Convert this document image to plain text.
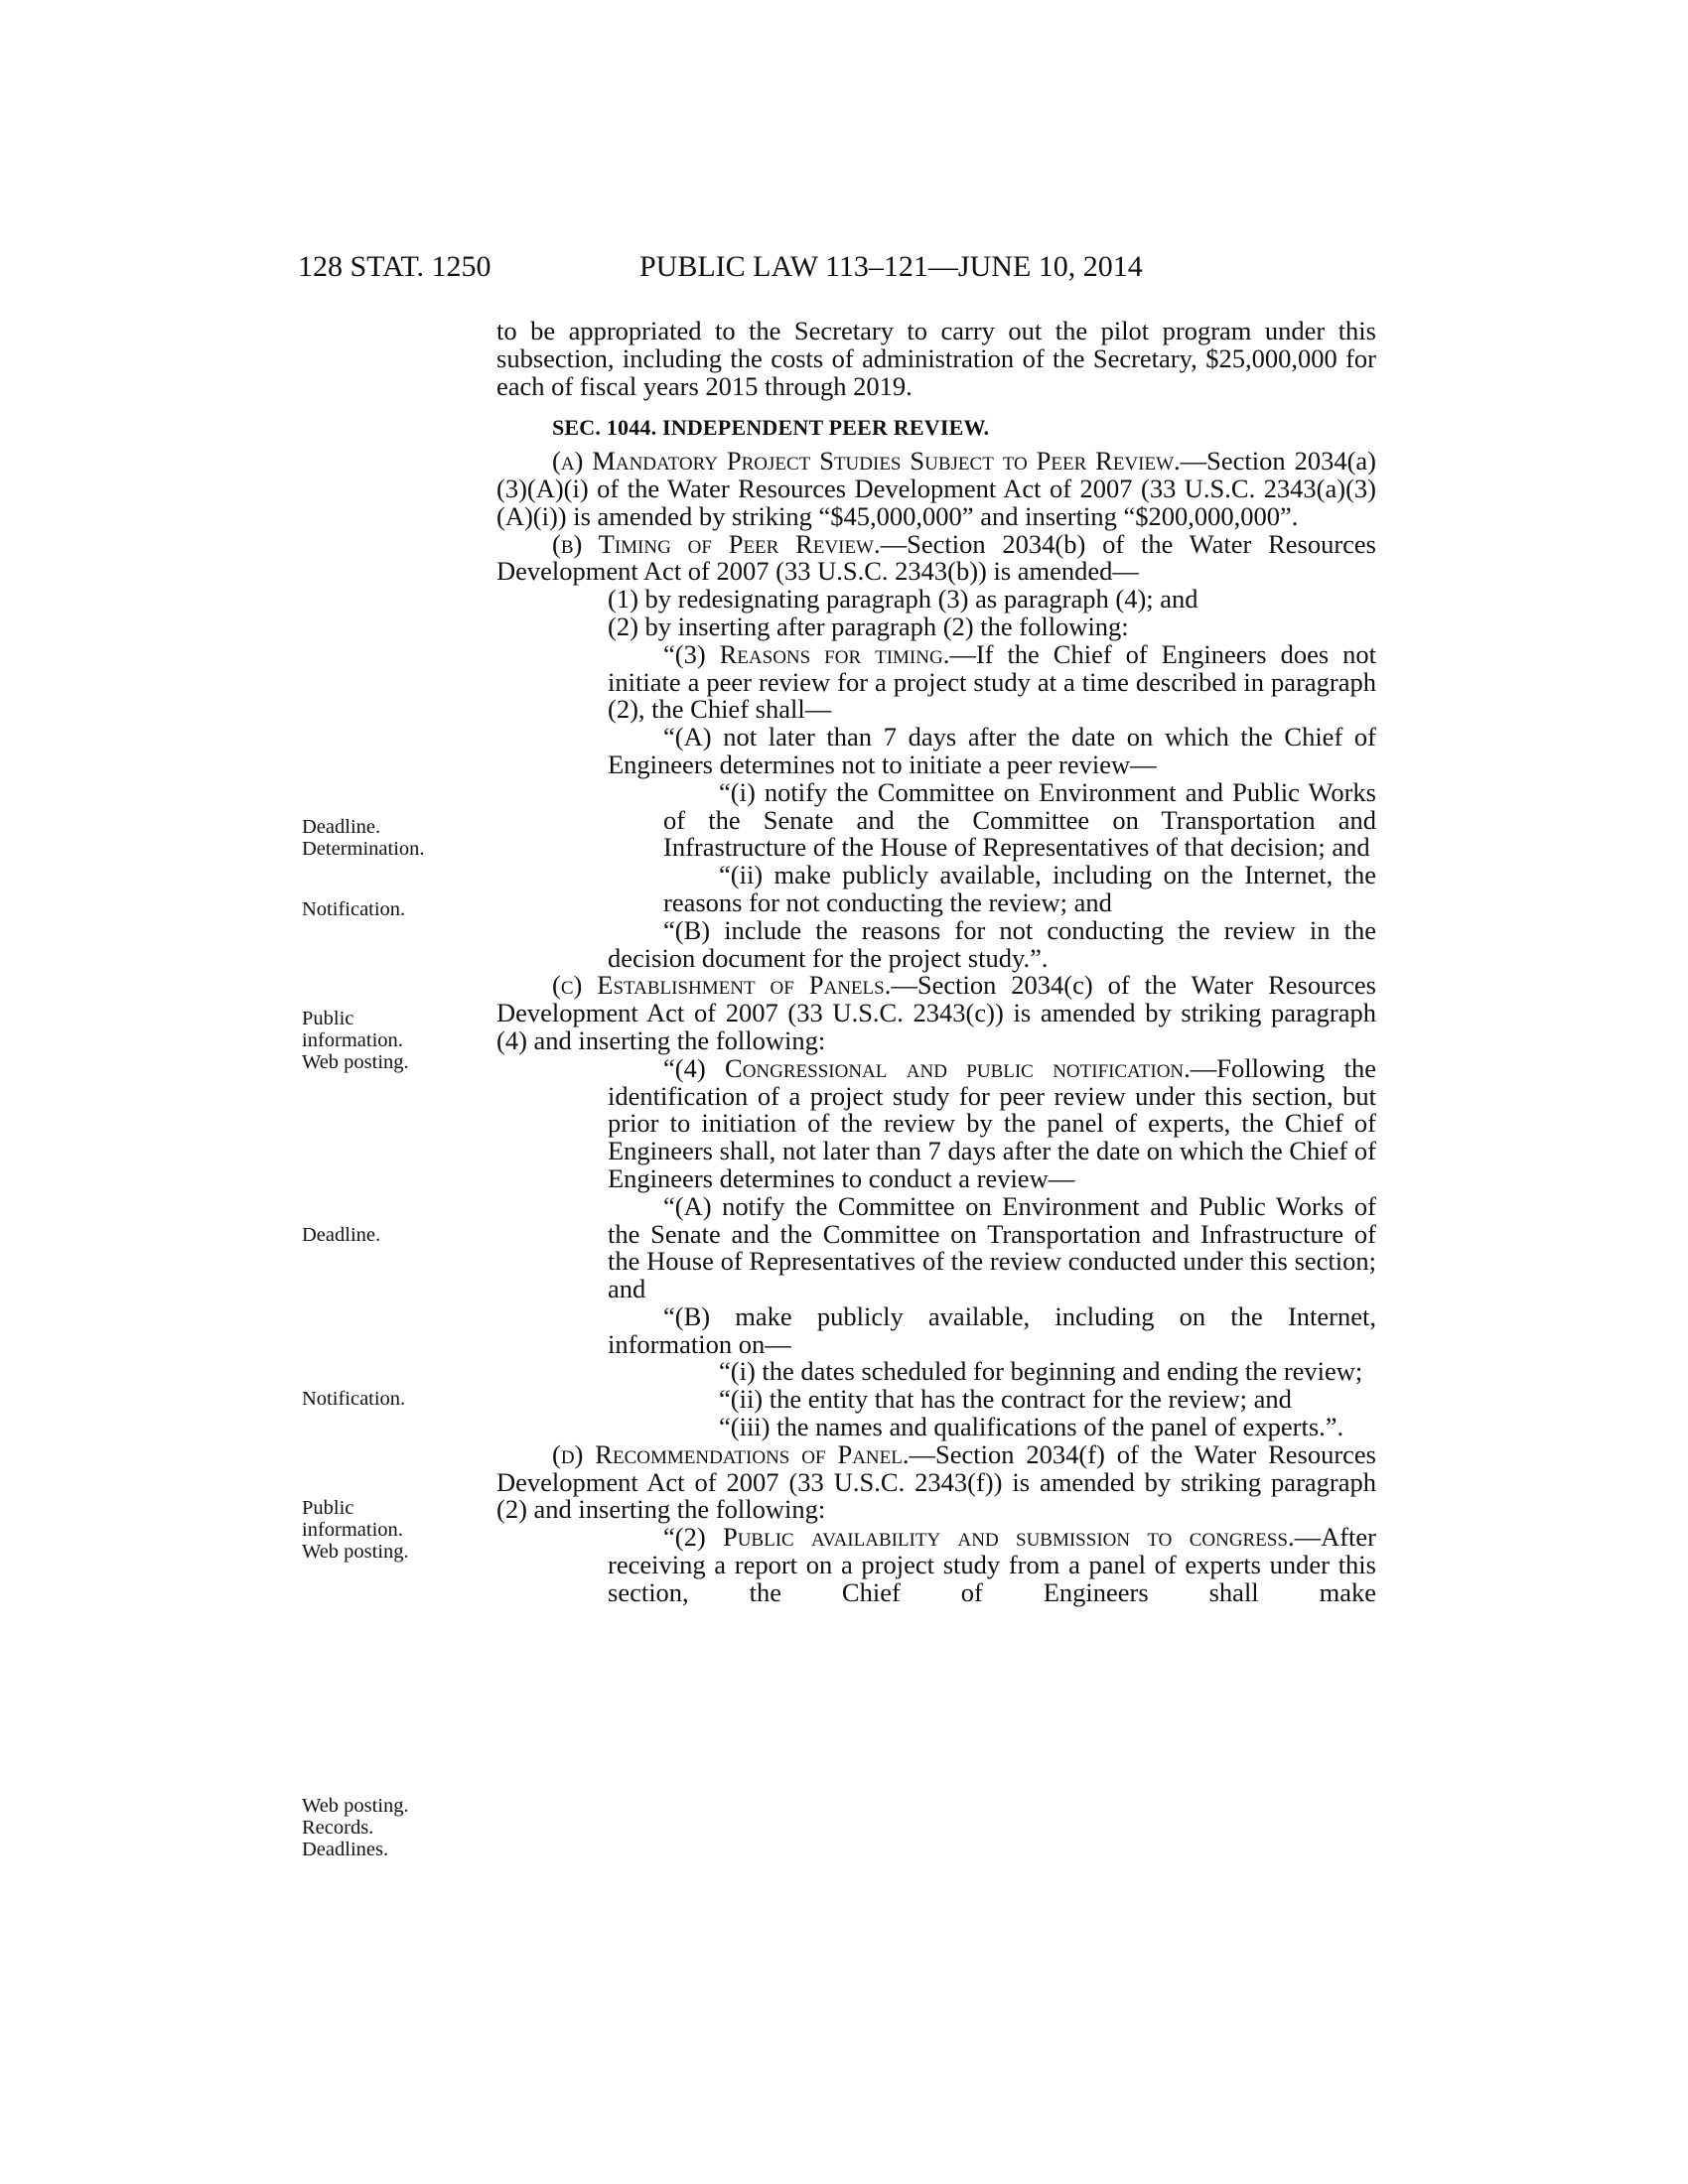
128 STAT. 1250	PUBLIC LAW 113–121—JUNE 10, 2014
Deadline.
Determination.
Notification.
Public
information.
Web posting.
Deadline.
Notification.
Public
information.
Web posting.
Web posting.
Records.
Deadlines.

to be appropriated to the Secretary to carry out the pilot program under this subsection, including the costs of administration of the Secretary, $25,000,000 for each of fiscal years 2015 through 2019.

SEC. 1044. INDEPENDENT PEER REVIEW.

(a) Mandatory Project Studies Subject to Peer Review.—Section 2034(a)(3)(A)(i) of the Water Resources Development Act of 2007 (33 U.S.C. 2343(a)(3)(A)(i)) is amended by striking “$45,000,000” and inserting “$200,000,000”.

(b) Timing of Peer Review.—Section 2034(b) of the Water Resources Development Act of 2007 (33 U.S.C. 2343(b)) is amended—

(1) by redesignating paragraph (3) as paragraph (4); and

(2) by inserting after paragraph (2) the following:

“(3) Reasons for timing.—If the Chief of Engineers does not initiate a peer review for a project study at a time described in paragraph (2), the Chief shall—

“(A) not later than 7 days after the date on which the Chief of Engineers determines not to initiate a peer review—

“(i) notify the Committee on Environment and Public Works of the Senate and the Committee on Transportation and Infrastructure of the House of Representatives of that decision; and

“(ii) make publicly available, including on the Internet, the reasons for not conducting the review; and

“(B) include the reasons for not conducting the review in the decision document for the project study.”.

(c) Establishment of Panels.—Section 2034(c) of the Water Resources Development Act of 2007 (33 U.S.C. 2343(c)) is amended by striking paragraph (4) and inserting the following:

“(4) Congressional and public notification.—Following the identification of a project study for peer review under this section, but prior to initiation of the review by the panel of experts, the Chief of Engineers shall, not later than 7 days after the date on which the Chief of Engineers determines to conduct a review—

“(A) notify the Committee on Environment and Public Works of the Senate and the Committee on Transportation and Infrastructure of the House of Representatives of the review conducted under this section; and

“(B) make publicly available, including on the Internet, information on—

“(i) the dates scheduled for beginning and ending the review;

“(ii) the entity that has the contract for the review; and

“(iii) the names and qualifications of the panel of experts.”.

(d) Recommendations of Panel.—Section 2034(f) of the Water Resources Development Act of 2007 (33 U.S.C. 2343(f)) is amended by striking paragraph (2) and inserting the following:

“(2) Public availability and submission to congress.—After receiving a report on a project study from a panel of experts under this section, the Chief of Engineers shall make
